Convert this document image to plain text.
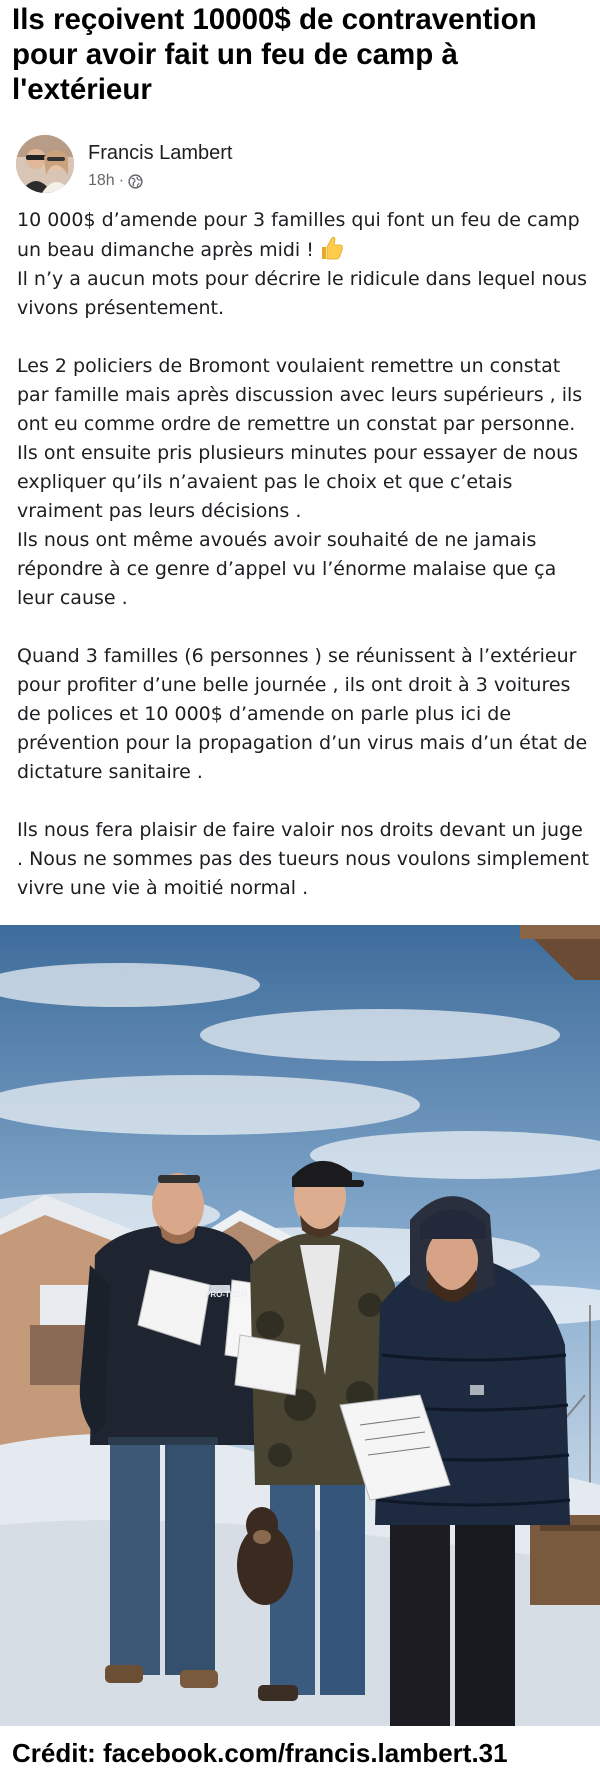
Ils reçoivent 10000$ de contravention pour avoir fait un feu de camp à l'extérieur
Francis Lambert
18h ·

10 000$ d’amende pour 3 familles qui font un feu de camp un beau dimanche après midi !
Il n’y a aucun mots pour décrire le ridicule dans lequel nous vivons présentement.

Les 2 policiers de Bromont voulaient remettre un constat par famille mais après discussion avec leurs supérieurs , ils ont eu comme ordre de remettre un constat par personne. Ils ont ensuite pris plusieurs minutes pour essayer de nous expliquer qu’ils n’avaient pas le choix et que c’etais vraiment pas leurs décisions .
Ils nous ont même avoués avoir souhaité de ne jamais répondre à ce genre d’appel vu l’énorme malaise que ça leur cause .

Quand 3 familles (6 personnes ) se réunissent à l’extérieur pour profiter d’une belle journée , ils ont droit à 3 voitures de polices et 10 000$ d’amende on parle plus ici de prévention pour la propagation d’un virus mais d’un état de dictature sanitaire .

Ils nous fera plaisir de faire valoir nos droits devant un juge . Nous ne sommes pas des tueurs nous voulons simplement vivre une vie à moitié normal .

PRO-TECH
Crédit: facebook.com/francis.lambert.31
